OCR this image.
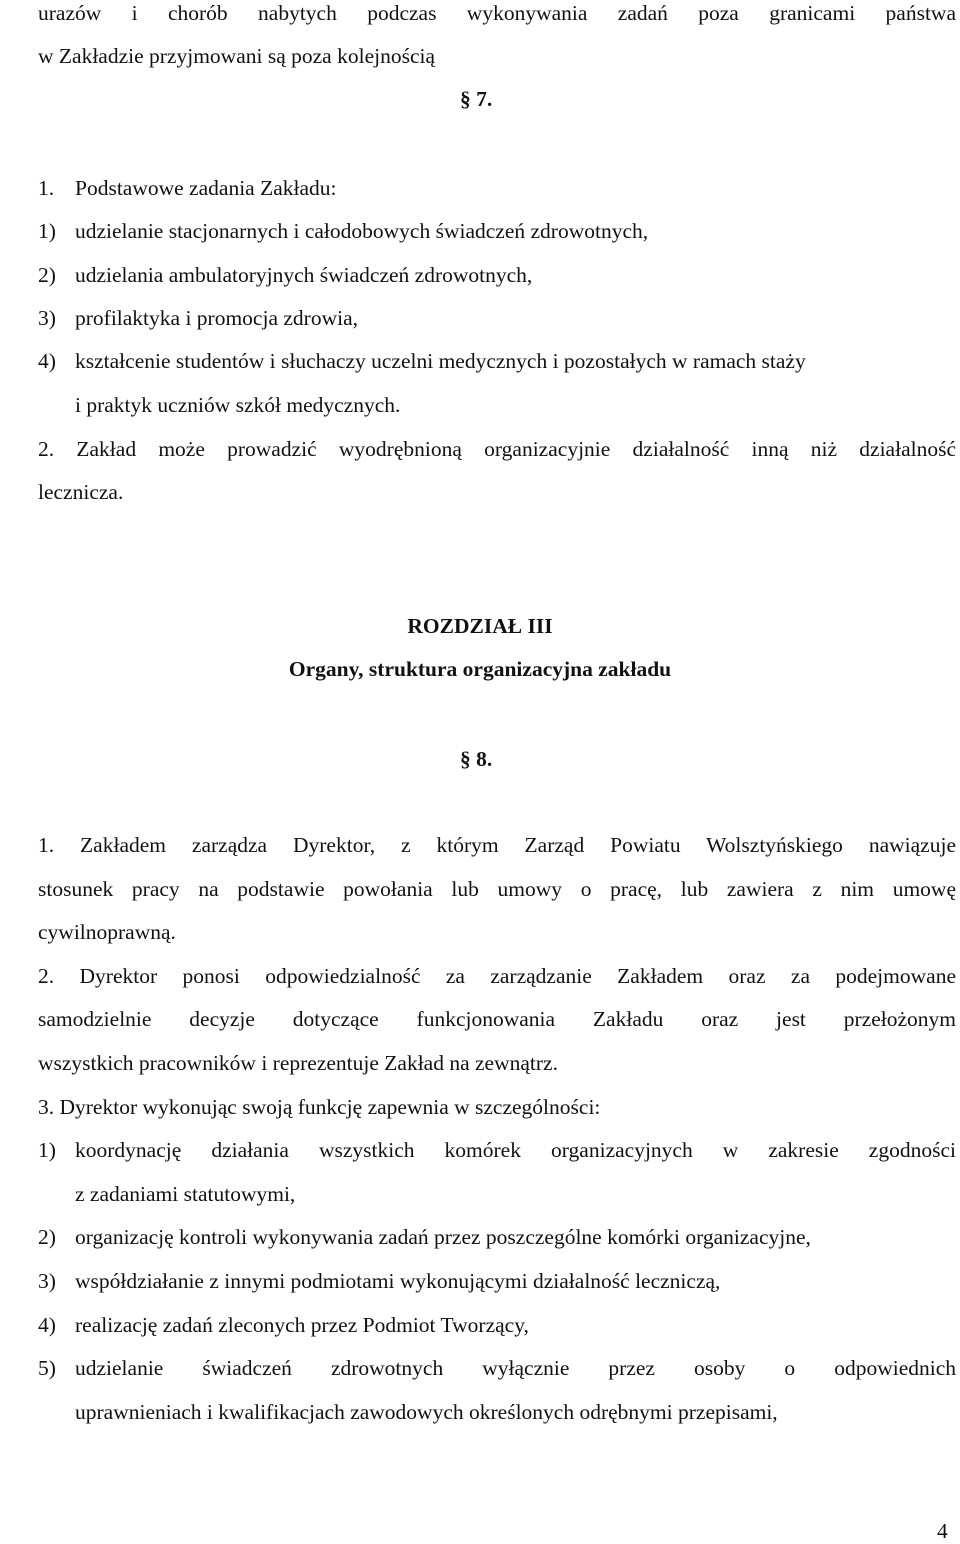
urazów i chorób nabytych podczas wykonywania zadań poza granicami państwa
w Zakładzie przyjmowani są poza kolejnością
§ 7.
1. Podstawowe zadania Zakładu:
1) udzielanie stacjonarnych i całodobowych świadczeń zdrowotnych,
2) udzielania ambulatoryjnych świadczeń zdrowotnych,
3) profilaktyka i promocja zdrowia,
4) kształcenie studentów i słuchaczy uczelni medycznych i pozostałych w ramach staży
i praktyk uczniów szkół medycznych.
2. Zakład może prowadzić wyodrębnioną organizacyjnie działalność inną niż działalność
lecznicza.
ROZDZIAŁ III
Organy, struktura organizacyjna zakładu
§ 8.
1. Zakładem zarządza Dyrektor, z którym Zarząd Powiatu Wolsztyńskiego nawiązuje
stosunek pracy na podstawie powołania lub umowy o pracę, lub zawiera z nim umowę
cywilnoprawną.
2. Dyrektor ponosi odpowiedzialność za zarządzanie Zakładem oraz za podejmowane
samodzielnie decyzje dotyczące funkcjonowania Zakładu oraz jest przełożonym
wszystkich pracowników i reprezentuje Zakład na zewnątrz.
3. Dyrektor wykonując swoją funkcję zapewnia w szczególności:
1) koordynację działania wszystkich komórek organizacyjnych w zakresie zgodności
z zadaniami statutowymi,
2) organizację kontroli wykonywania zadań przez poszczególne komórki organizacyjne,
3) współdziałanie z innymi podmiotami wykonującymi działalność leczniczą,
4) realizację zadań zleconych przez Podmiot Tworzący,
5) udzielanie świadczeń zdrowotnych wyłącznie przez osoby o odpowiednich
uprawnieniach i kwalifikacjach zawodowych określonych odrębnymi przepisami,
4
